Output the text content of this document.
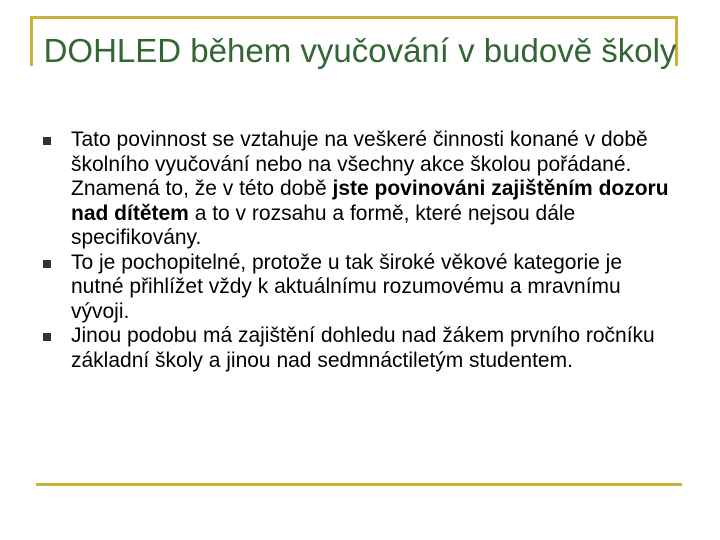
DOHLED během vyučování v budově školy
Tato povinnost se vztahuje na veškeré činnosti konané v době školního vyučování nebo na všechny akce školou pořádané. Znamená to, že v této době jste povinováni zajištěním dozoru nad dítětem a to v rozsahu a formě, které nejsou dále specifikovány.
To je pochopitelné, protože u tak široké věkové kategorie je nutné přihlížet vždy k aktuálnímu rozumovému a mravnímu vývoji.
Jinou podobu má zajištění dohledu nad žákem prvního ročníku základní školy a jinou nad sedmnáctiletým studentem.
